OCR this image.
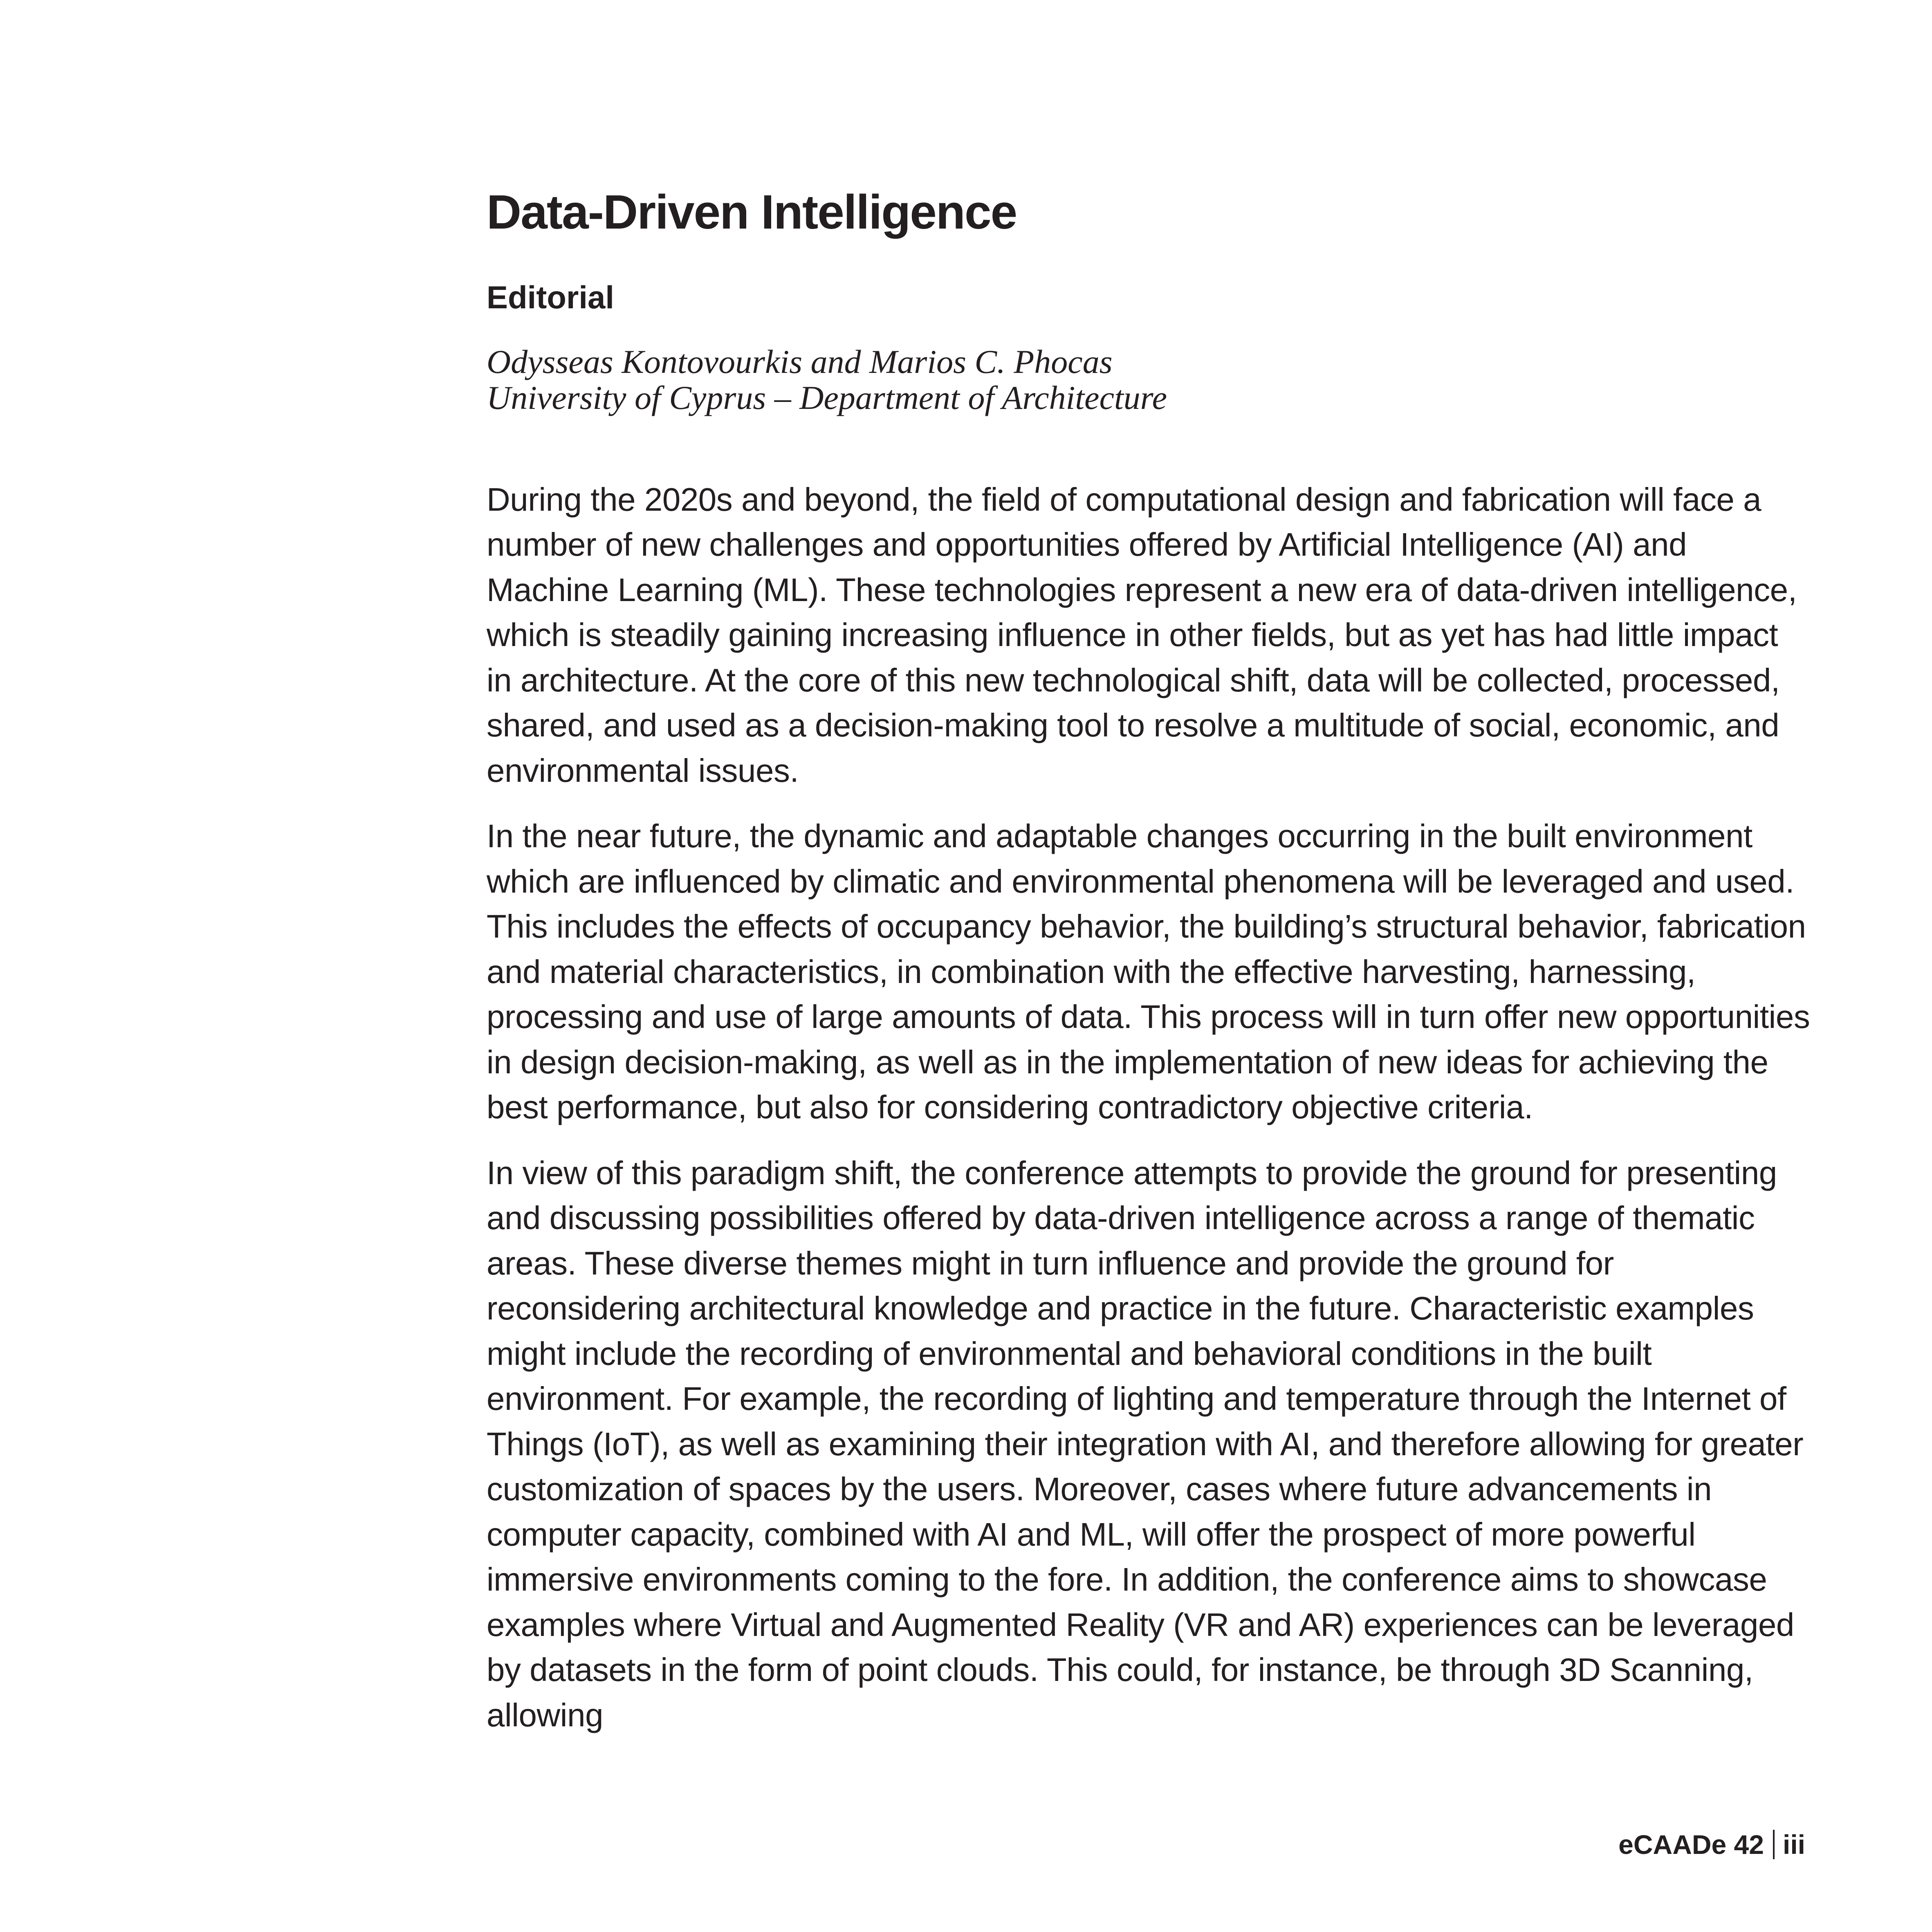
Data-Driven Intelligence
Editorial
Odysseas Kontovourkis and Marios C. Phocas
University of Cyprus – Department of Architecture

During the 2020s and beyond, the field of computational design and fabrication will face a number of new challenges and opportunities offered by Artificial Intelligence (AI) and Machine Learning (ML). These technologies represent a new era of data-driven intelligence, which is steadily gaining increasing influence in other fields, but as yet has had little impact in architecture. At the core of this new technological shift, data will be collected, processed, shared, and used as a decision-making tool to resolve a multitude of social, economic, and environmental issues.

In the near future, the dynamic and adaptable changes occurring in the built environment which are influenced by climatic and environmental phenomena will be leveraged and used. This includes the effects of occupancy behavior, the building’s structural behavior, fabrication and material characteristics, in combination with the effective harvesting, harnessing, processing and use of large amounts of data. This process will in turn offer new opportunities in design decision-making, as well as in the implementation of new ideas for achieving the best performance, but also for considering contradictory objective criteria.

In view of this paradigm shift, the conference attempts to provide the ground for presenting and discussing possibilities offered by data-driven intelligence across a range of thematic areas. These diverse themes might in turn influence and provide the ground for reconsidering architectural knowledge and practice in the future. Characteristic examples might include the recording of environmental and behavioral conditions in the built environment. For example, the recording of lighting and temperature through the Internet of Things (IoT), as well as examining their integration with AI, and therefore allowing for greater customization of spaces by the users. Moreover, cases where future advancements in computer capacity, combined with AI and ML, will offer the prospect of more powerful immersive environments coming to the fore. In addition, the conference aims to showcase examples where Virtual and Augmented Reality (VR and AR) experiences can be leveraged by datasets in the form of point clouds. This could, for instance, be through 3D Scanning, allowing

eCAADe 42 iii
